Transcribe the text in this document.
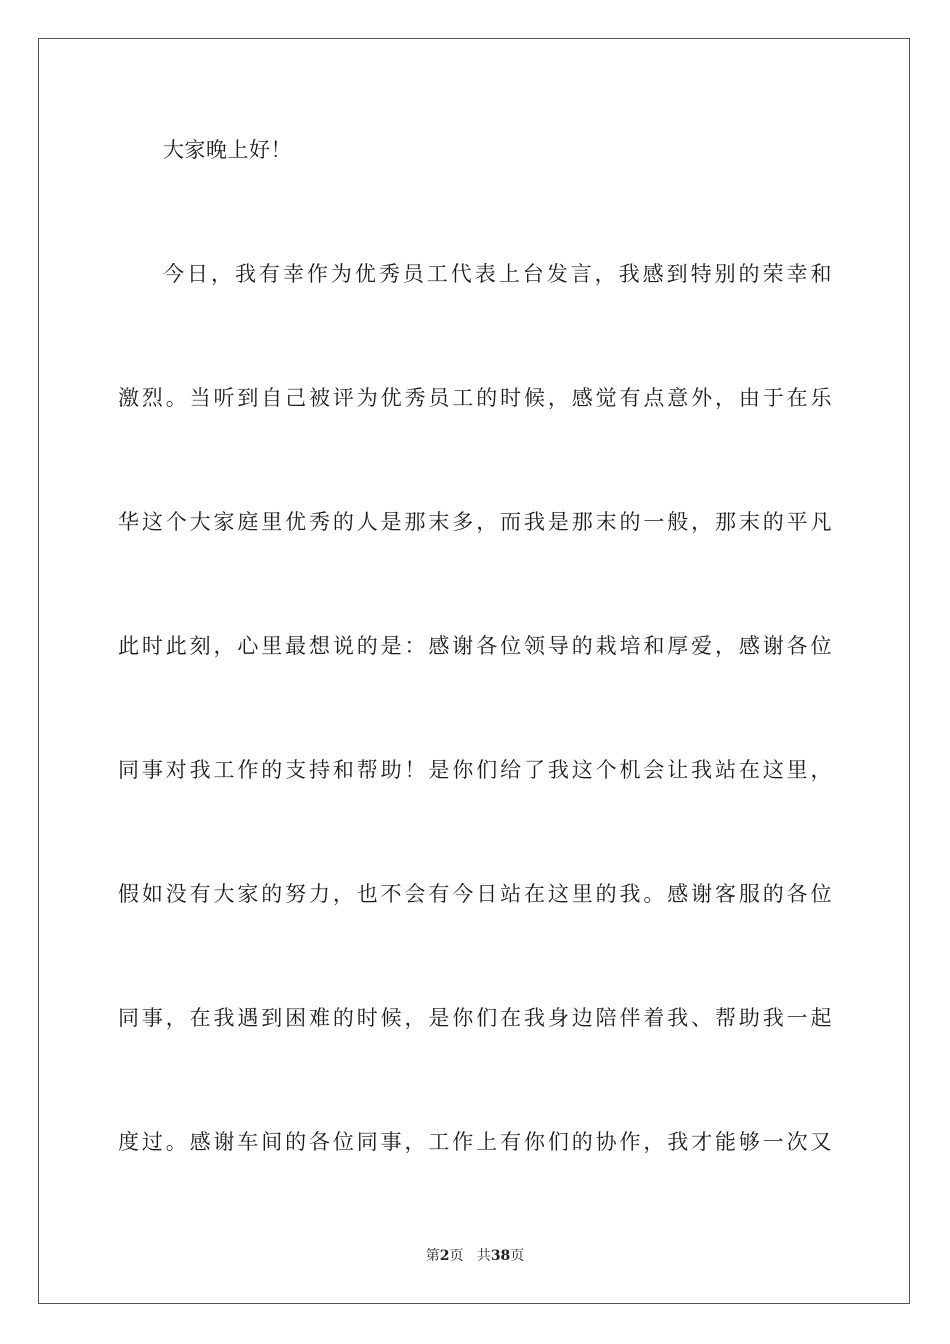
大家晚上好！
今日，我有幸作为优秀员工代表上台发言，我感到特别的荣幸和
激烈。当听到自己被评为优秀员工的时候，感觉有点意外，由于在乐
华这个大家庭里优秀的人是那末多，而我是那末的一般，那末的平凡
此时此刻，心里最想说的是：感谢各位领导的栽培和厚爱，感谢各位
同事对我工作的支持和帮助！是你们给了我这个机会让我站在这里，
假如没有大家的努力，也不会有今日站在这里的我。感谢客服的各位
同事，在我遇到困难的时候，是你们在我身边陪伴着我、帮助我一起
度过。感谢车间的各位同事，工作上有你们的协作，我才能够一次又
第2页 共38页
